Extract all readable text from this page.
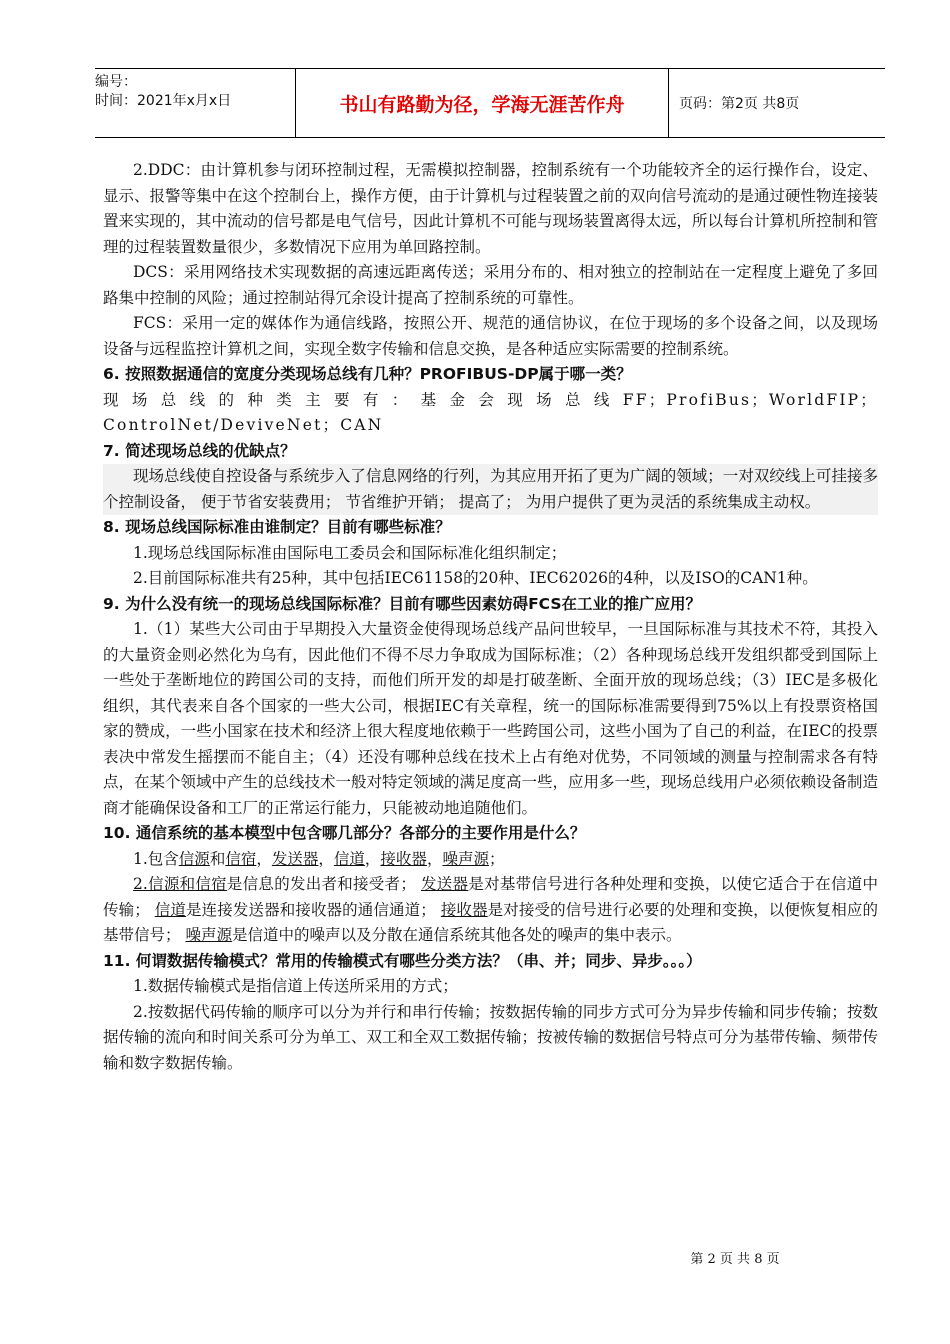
编号：
时间：2021年x月x日	书山有路勤为径，学海无涯苦作舟	页码：第2页 共8页

2.DDC：由计算机参与闭环控制过程，无需模拟控制器，控制系统有一个功能较齐全的运行操作台，设定、显示、报警等集中在这个控制台上，操作方便，由于计算机与过程装置之前的双向信号流动的是通过硬性物连接装置来实现的，其中流动的信号都是电气信号，因此计算机不可能与现场装置离得太远，所以每台计算机所控制和管理的过程装置数量很少，多数情况下应用为单回路控制。

DCS：采用网络技术实现数据的高速远距离传送；采用分布的、相对独立的控制站在一定程度上避免了多回路集中控制的风险；通过控制站得冗余设计提高了控制系统的可靠性。

FCS：采用一定的媒体作为通信线路，按照公开、规范的通信协议，在位于现场的多个设备之间，以及现场设备与远程监控计算机之间，实现全数字传输和信息交换，是各种适应实际需要的控制系统。

6. 按照数据通信的宽度分类现场总线有几种？PROFIBUS-DP属于哪一类？

现场总线的种类主要有：基金会现场总线FF；ProfiBus；WorldFIP；ControlNet/DeviveNet；CAN

7. 简述现场总线的优缺点？

现场总线使自控设备与系统步入了信息网络的行列，为其应用开拓了更为广阔的领域；一对双绞线上可挂接多个控制设备， 便于节省安装费用； 节省维护开销； 提高了； 为用户提供了更为灵活的系统集成主动权。

8. 现场总线国际标准由谁制定？目前有哪些标准？

1.现场总线国际标准由国际电工委员会和国际标准化组织制定；

2.目前国际标准共有25种，其中包括IEC61158的20种、IEC62026的4种，以及ISO的CAN1种。

9. 为什么没有统一的现场总线国际标准？目前有哪些因素妨碍FCS在工业的推广应用？

1.（1）某些大公司由于早期投入大量资金使得现场总线产品问世较早，一旦国际标准与其技术不符，其投入的大量资金则必然化为乌有，因此他们不得不尽力争取成为国际标准；（2）各种现场总线开发组织都受到国际上一些处于垄断地位的跨国公司的支持，而他们所开发的却是打破垄断、全面开放的现场总线；（3）IEC是多极化组织，其代表来自各个国家的一些大公司，根据IEC有关章程，统一的国际标准需要得到75%以上有投票资格国家的赞成，一些小国家在技术和经济上很大程度地依赖于一些跨国公司，这些小国为了自己的利益，在IEC的投票表决中常发生摇摆而不能自主；（4）还没有哪种总线在技术上占有绝对优势，不同领域的测量与控制需求各有特点，在某个领域中产生的总线技术一般对特定领域的满足度高一些，应用多一些，现场总线用户必须依赖设备制造商才能确保设备和工厂的正常运行能力，只能被动地追随他们。

10. 通信系统的基本模型中包含哪几部分？各部分的主要作用是什么？

1.包含信源和信宿，发送器，信道，接收器，噪声源；

2.信源和信宿是信息的发出者和接受者； 发送器是对基带信号进行各种处理和变换，以使它适合于在信道中传输； 信道是连接发送器和接收器的通信通道； 接收器是对接受的信号进行必要的处理和变换，以便恢复相应的基带信号； 噪声源是信道中的噪声以及分散在通信系统其他各处的噪声的集中表示。

11. 何谓数据传输模式？常用的传输模式有哪些分类方法？（串、并；同步、异步。。。）

1.数据传输模式是指信道上传送所采用的方式；

2.按数据代码传输的顺序可以分为并行和串行传输；按数据传输的同步方式可分为异步传输和同步传输；按数据传输的流向和时间关系可分为单工、双工和全双工数据传输；按被传输的数据信号特点可分为基带传输、频带传输和数字数据传输。

第 2 页 共 8 页
